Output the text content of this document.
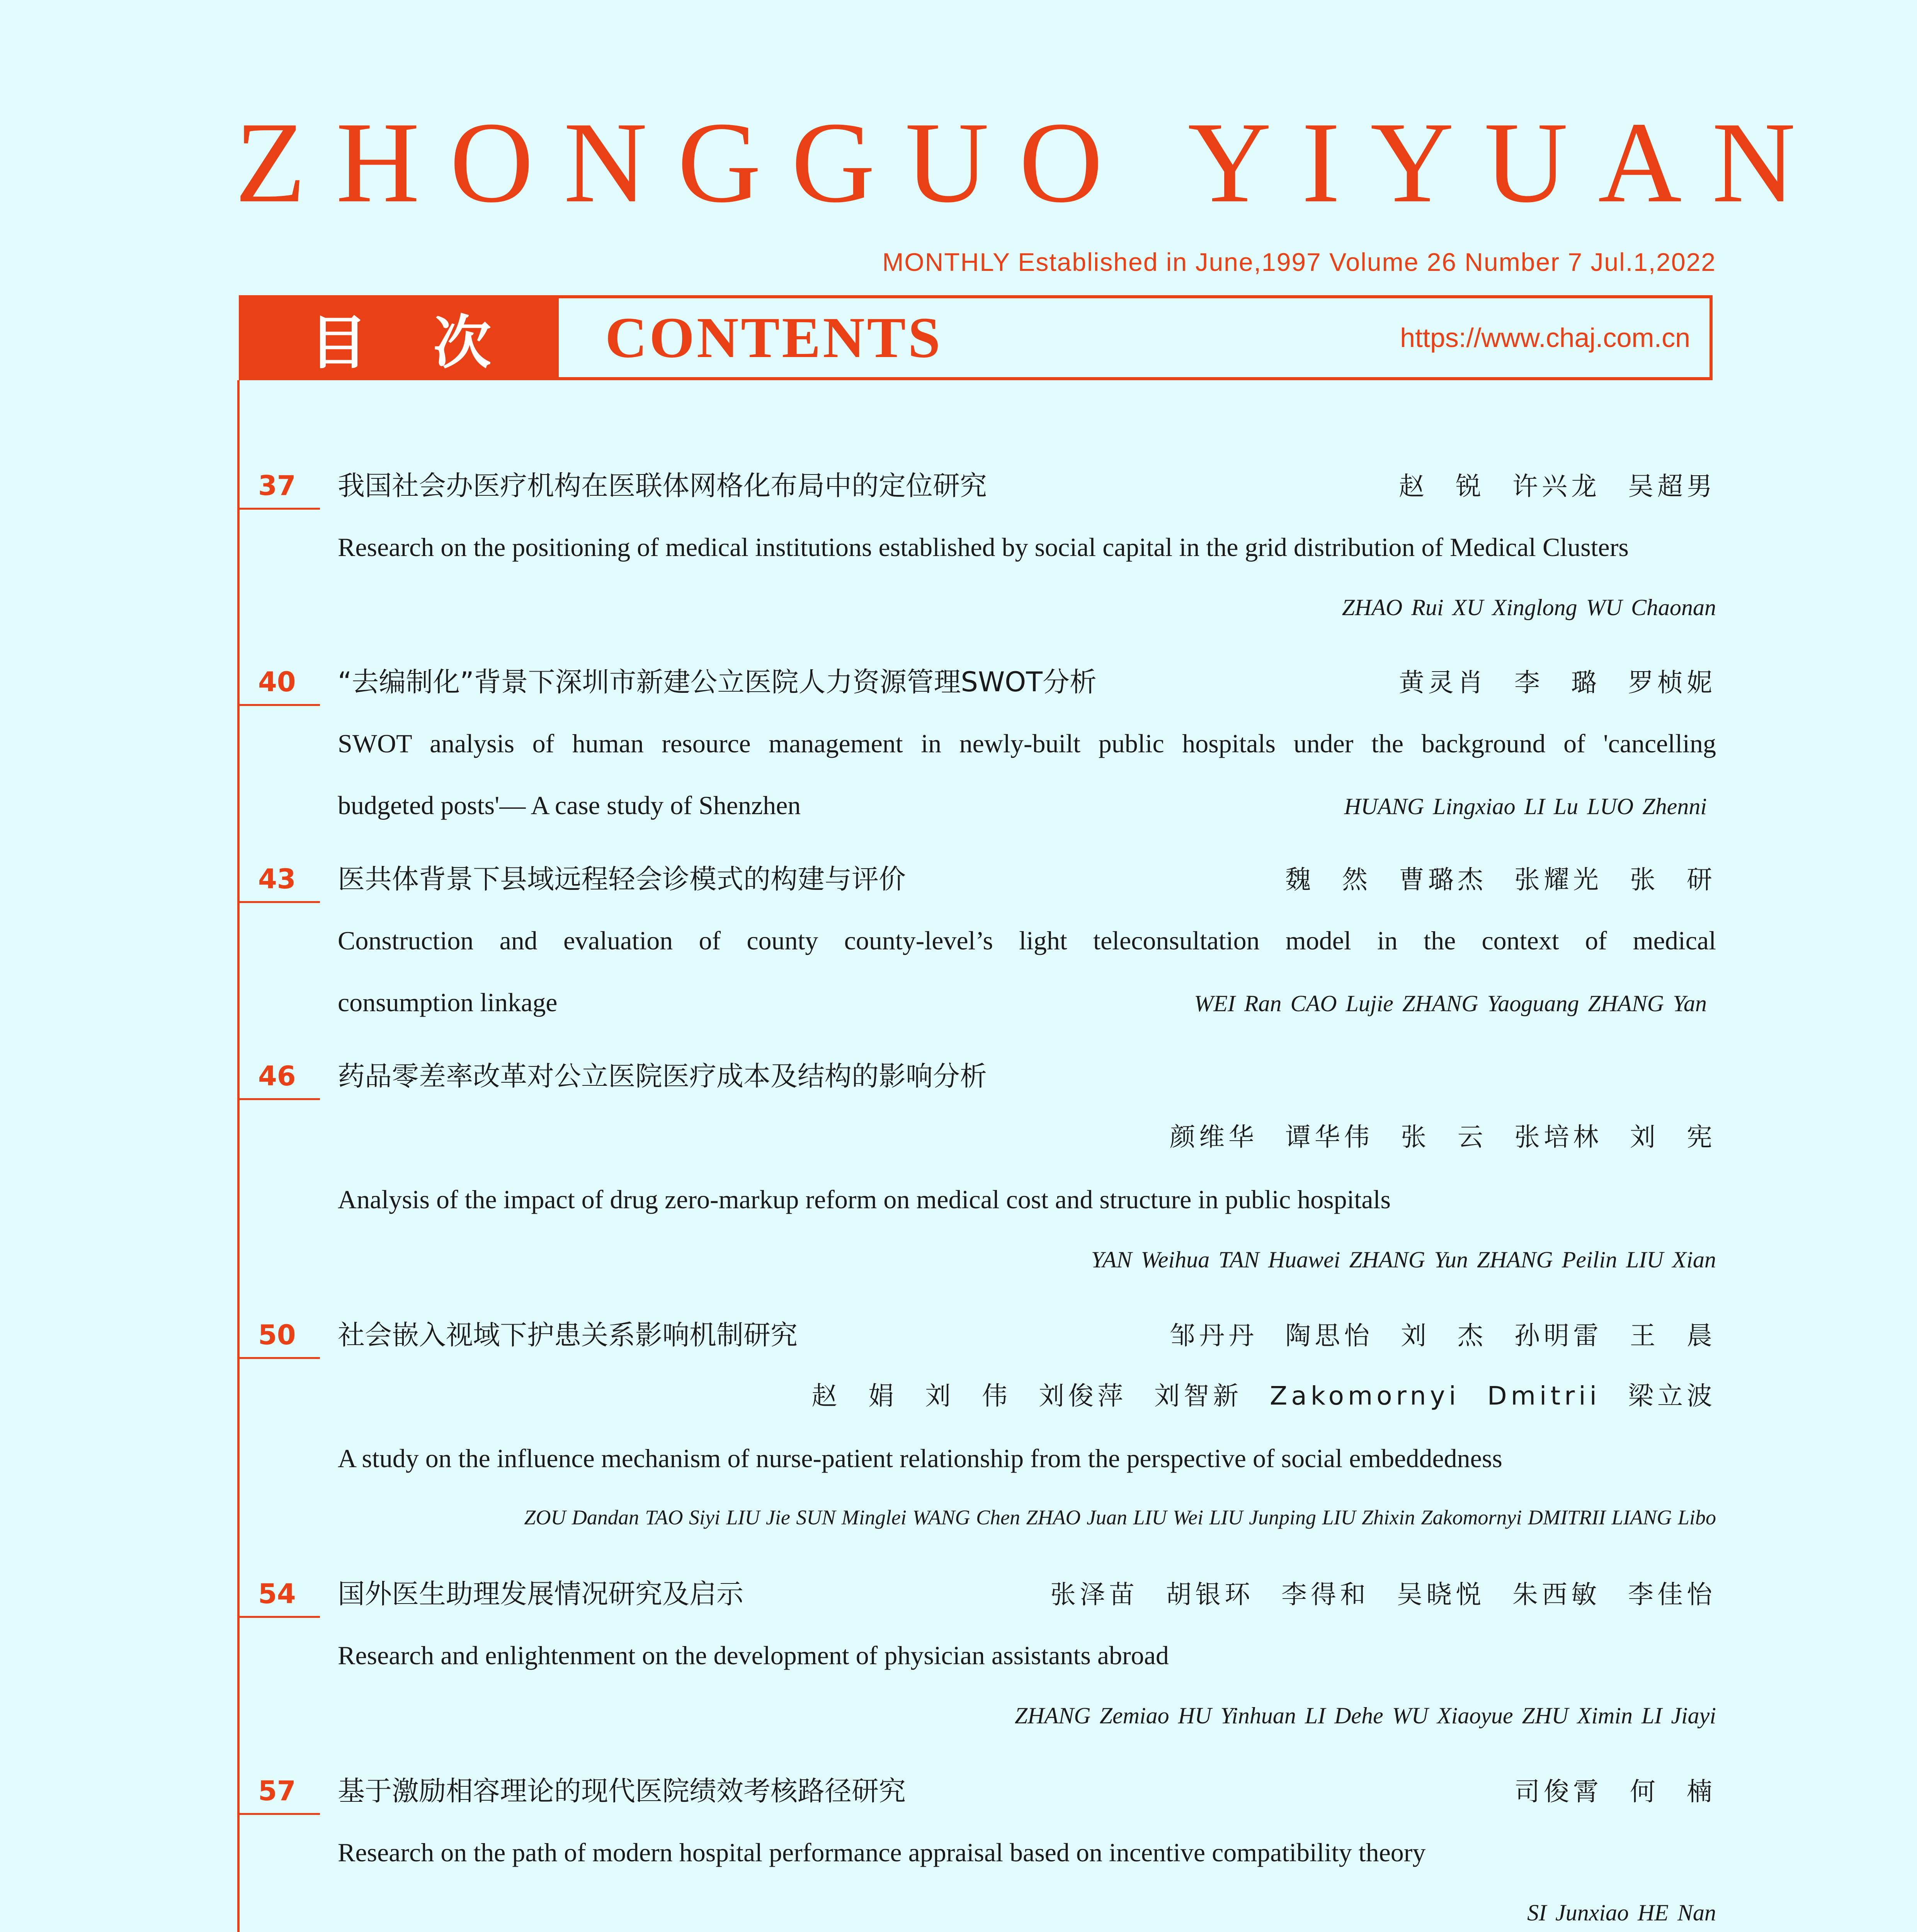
ZHONGGUO YIYUAN
MONTHLY Established in June,1997 Volume 26 Number 7 Jul.1,2022
目次 CONTENTS	https://www.chaj.com.cn
37 我国社会办医疗机构在医联体网格化布局中的定位研究	赵 锐 许兴龙 吴超男
Research on the positioning of medical institutions established by social capital in the grid distribution of Medical Clusters
ZHAO Rui XU Xinglong WU Chaonan
40 “去编制化”背景下深圳市新建公立医院人力资源管理SWOT分析	黄灵肖 李 璐 罗桢妮
SWOT analysis of human resource management in newly-built public hospitals under the background of 'cancelling
budgeted posts'— A case study of Shenzhen	HUANG Lingxiao LI Lu LUO Zhenni
43 医共体背景下县域远程轻会诊模式的构建与评价	魏 然 曹璐杰 张耀光 张 研
Construction and evaluation of county county-level’s light teleconsultation model in the context of medical
consumption linkage	WEI Ran CAO Lujie ZHANG Yaoguang ZHANG Yan
46 药品零差率改革对公立医院医疗成本及结构的影响分析
颜维华 谭华伟 张 云 张培林 刘 宪
Analysis of the impact of drug zero-markup reform on medical cost and structure in public hospitals
YAN Weihua TAN Huawei ZHANG Yun ZHANG Peilin LIU Xian
50 社会嵌入视域下护患关系影响机制研究	邹丹丹 陶思怡 刘 杰 孙明雷 王 晨
赵 娟 刘 伟 刘俊萍 刘智新 Zakomornyi Dmitrii 梁立波
A study on the influence mechanism of nurse-patient relationship from the perspective of social embeddedness
ZOU Dandan TAO Siyi LIU Jie SUN Minglei WANG Chen ZHAO Juan LIU Wei LIU Junping LIU Zhixin Zakomornyi DMITRII LIANG Libo
54 国外医生助理发展情况研究及启示	张泽苗 胡银环 李得和 吴晓悦 朱西敏 李佳怡
Research and enlightenment on the development of physician assistants abroad
ZHANG Zemiao HU Yinhuan LI Dehe WU Xiaoyue ZHU Ximin LI Jiayi
57 基于激励相容理论的现代医院绩效考核路径研究	司俊霄 何 楠
Research on the path of modern hospital performance appraisal based on incentive compatibility theory
SI Junxiao HE Nan
